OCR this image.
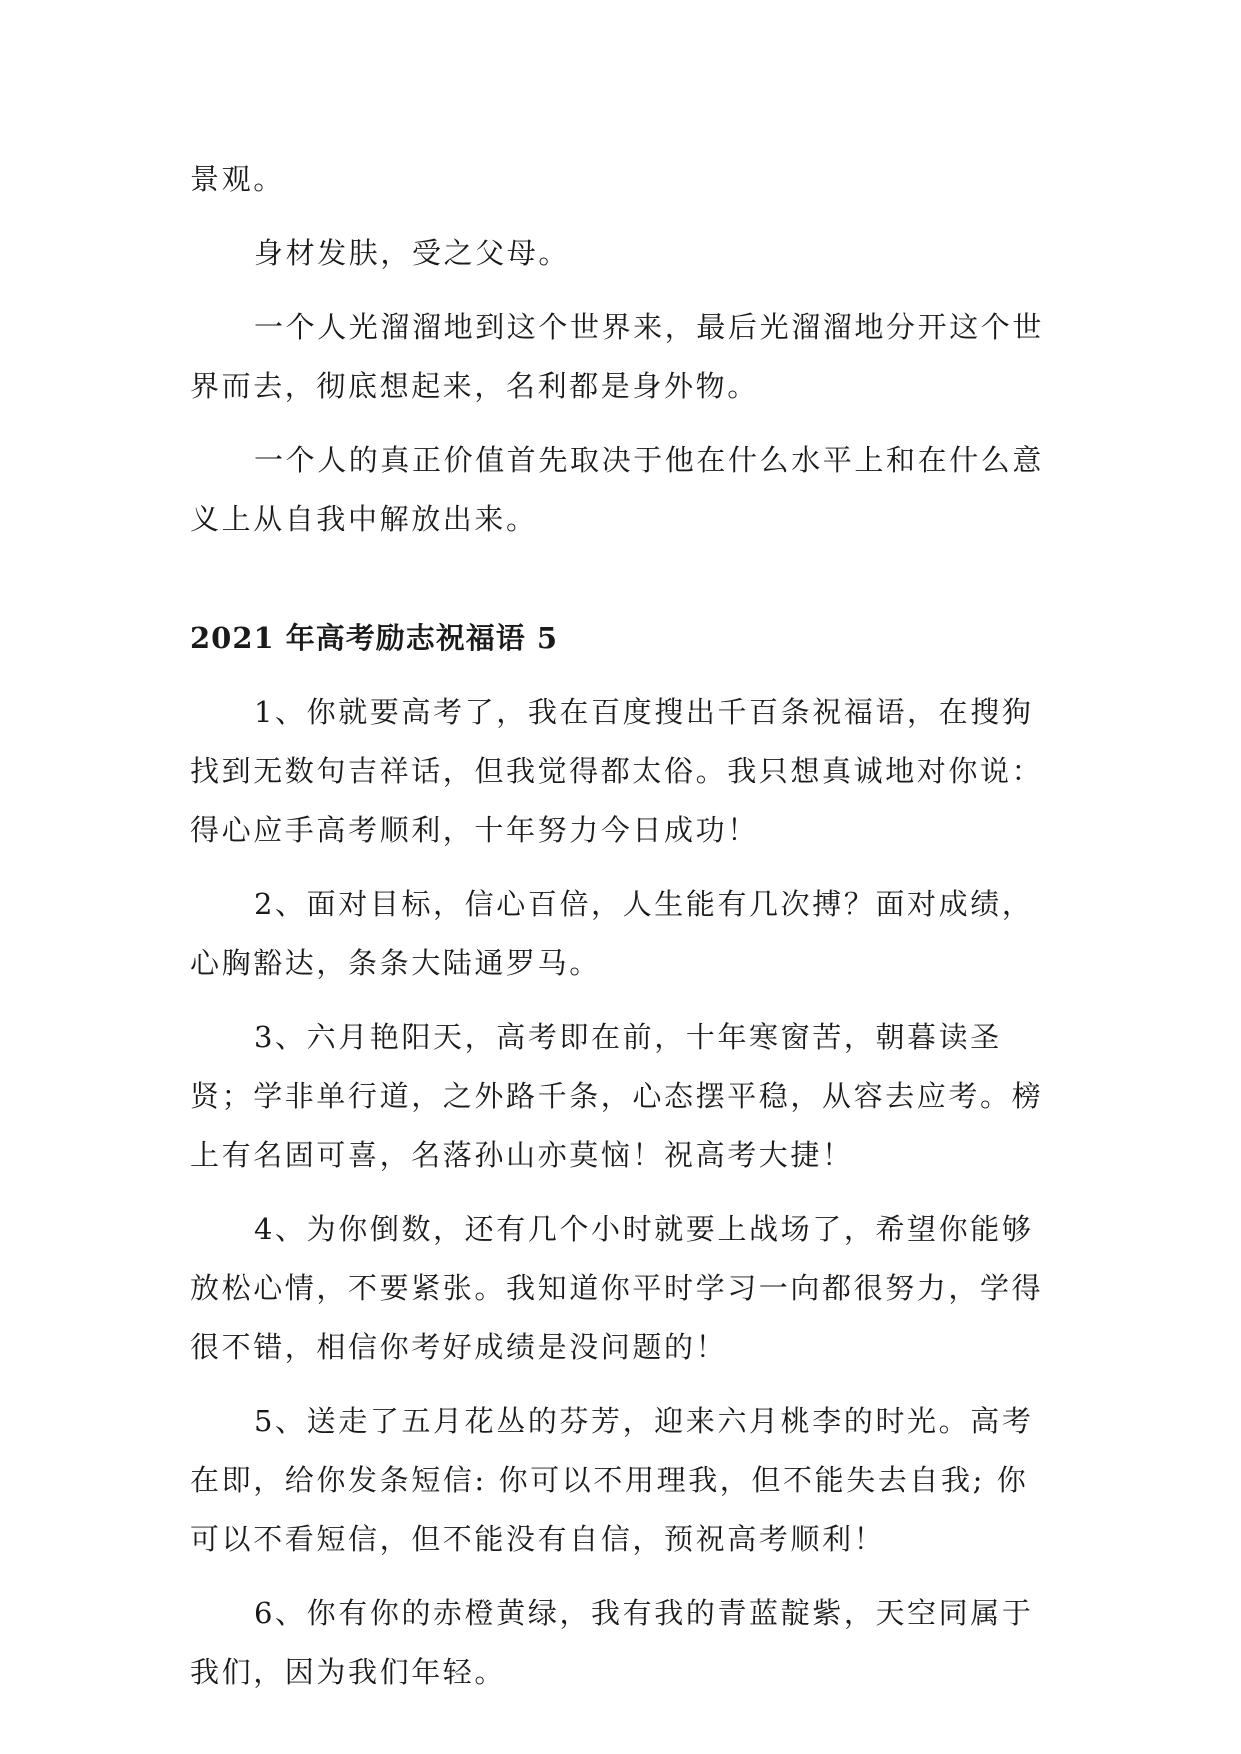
景观。

身材发肤，受之父母。

一个人光溜溜地到这个世界来，最后光溜溜地分开这个世界而去，彻底想起来，名利都是身外物。

一个人的真正价值首先取决于他在什么水平上和在什么意义上从自我中解放出来。

2021 年高考励志祝福语 5

1、你就要高考了，我在百度搜出千百条祝福语，在搜狗找到无数句吉祥话，但我觉得都太俗。我只想真诚地对你说：得心应手高考顺利，十年努力今日成功！

2、面对目标，信心百倍，人生能有几次搏？面对成绩，心胸豁达，条条大陆通罗马。

3、六月艳阳天，高考即在前，十年寒窗苦，朝暮读圣贤；学非单行道，之外路千条，心态摆平稳，从容去应考。榜上有名固可喜，名落孙山亦莫恼！祝高考大捷！

4、为你倒数，还有几个小时就要上战场了，希望你能够放松心情，不要紧张。我知道你平时学习一向都很努力，学得很不错，相信你考好成绩是没问题的！

5、送走了五月花丛的芬芳，迎来六月桃李的时光。高考在即，给你发条短信: 你可以不用理我，但不能失去自我; 你可以不看短信，但不能没有自信，预祝高考顺利！

6、你有你的赤橙黄绿，我有我的青蓝靛紫，天空同属于我们，因为我们年轻。
